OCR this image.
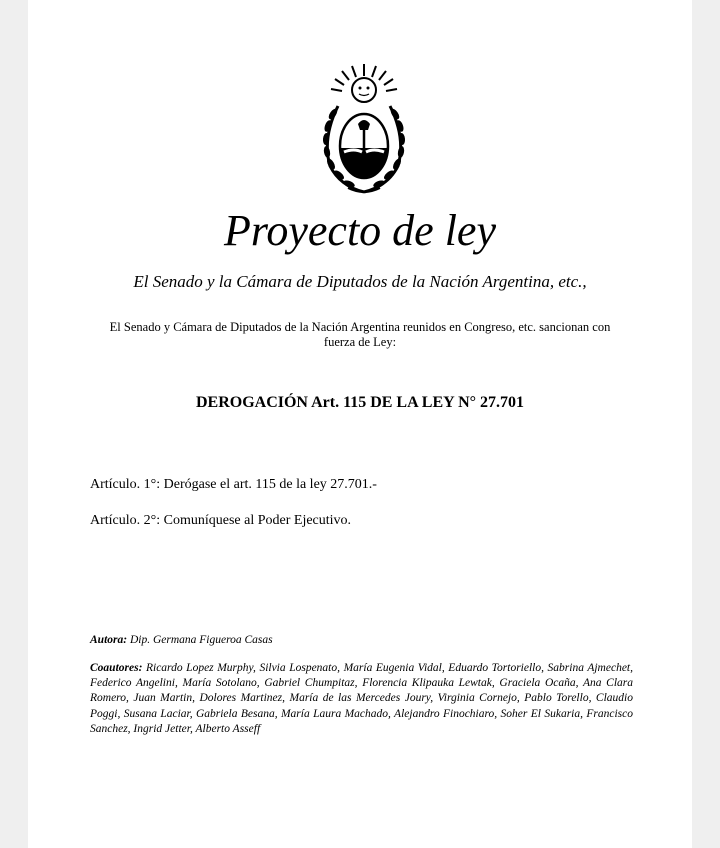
Proyecto de ley
El Senado y la Cámara de Diputados de la Nación Argentina, etc.,
El Senado y Cámara de Diputados de la Nación Argentina reunidos en Congreso, etc. sancionan con fuerza de Ley:
DEROGACIÓN Art. 115 DE LA LEY N° 27.701
Artículo. 1°: Derógase el art. 115 de la ley 27.701.-
Artículo. 2°: Comuníquese al Poder Ejecutivo.
Autora: Dip. Germana Figueroa Casas
Coautores: Ricardo Lopez Murphy, Silvia Lospenato, María Eugenia Vidal, Eduardo Tortoriello, Sabrina Ajmechet, Federico Angelini, María Sotolano, Gabriel Chumpitaz, Florencia Klipauka Lewtak, Graciela Ocaña, Ana Clara Romero, Juan Martin, Dolores Martinez, María de las Mercedes Joury, Virginia Cornejo, Pablo Torello, Claudio Poggi, Susana Laciar, Gabriela Besana, María Laura Machado, Alejandro Finochiaro, Soher El Sukaria, Francisco Sanchez, Ingrid Jetter, Alberto Asseff
